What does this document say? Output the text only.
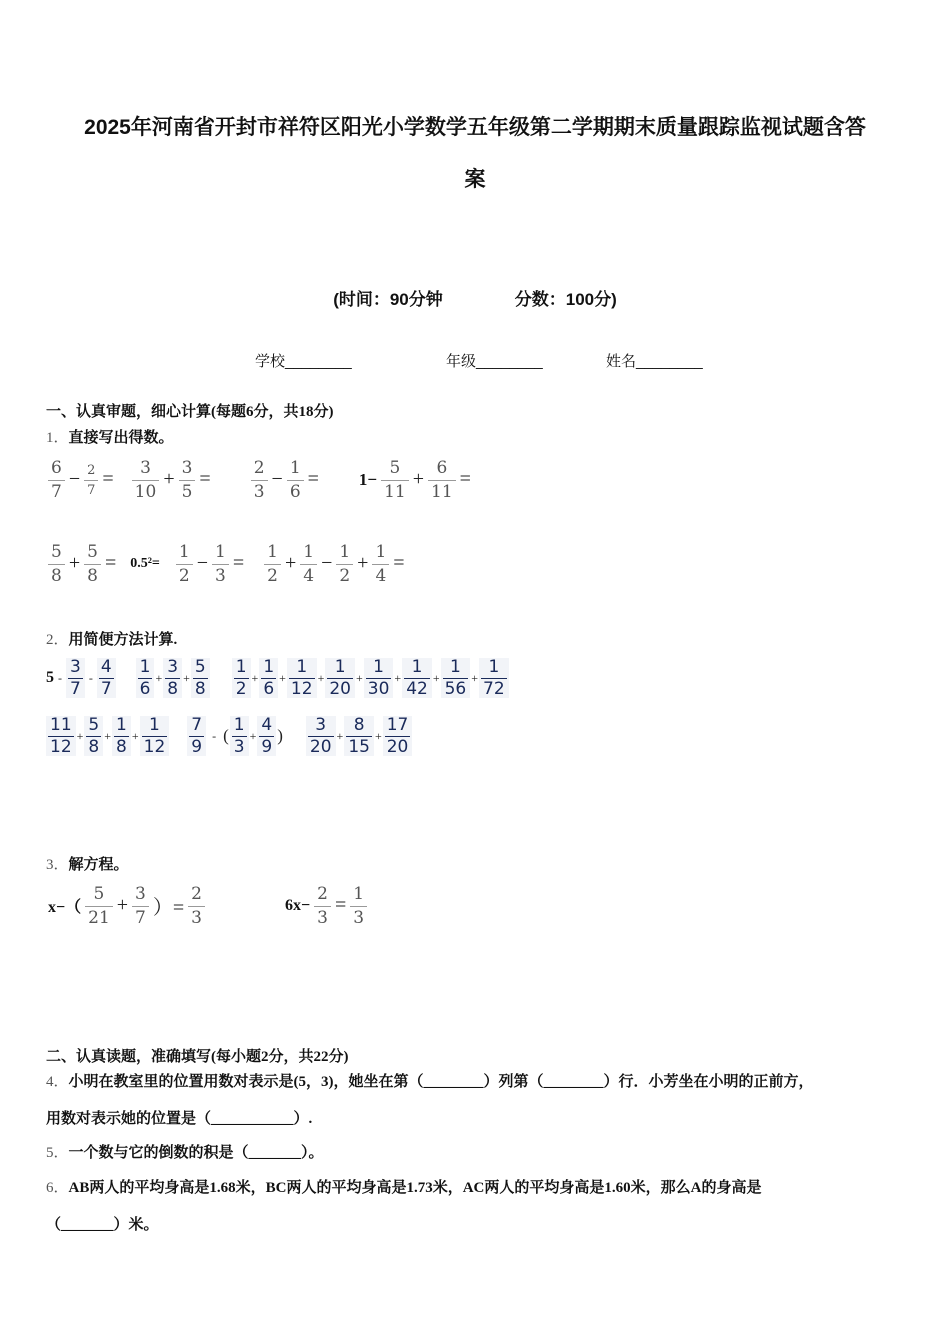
2025年河南省开封市祥符区阳光小学数学五年级第二学期期末质量跟踪监视试题含答
案
(时间：90分钟	分数：100分)
学校________	年级________	姓名________
一、认真审题，细心计算(每题6分，共18分)
1．直接写出得数。
$\frac{6}{7} - \frac{2}{7} = \frac{3}{10} + \frac{3}{5} = \frac{2}{3} - \frac{1}{6} = 1- \frac{5}{11} + \frac{6}{11}$ =
$\frac{5}{8} + \frac{5}{8} = 0.5^2= \frac{1}{2} - \frac{1}{3} = \frac{1}{2} + \frac{1}{4} - \frac{1}{2} + \frac{1}{4}$ =
2．用简便方法计算.
$5 - \frac{3}{7} - \frac{4}{7} \frac{1}{6} + \frac{3}{8} + \frac{5}{8} \frac{1}{2} + \frac{1}{6} + \frac{1}{12} + \frac{1}{20} + \frac{1}{30} + \frac{1}{42} + \frac{1}{56} + \frac{1}{72}$
$\frac{11}{12} + \frac{5}{8} + \frac{1}{8} + \frac{1}{12} \frac{7}{9}$ - ( $\frac{1}{3} + \frac{4}{9}$ ) $\frac{3}{20} + \frac{8}{15} + \frac{17}{20}$
3．解方程。
$x-( \frac{5}{21} + \frac{3}{7}$ ）= $\frac{2}{3}$	$6x- \frac{2}{3} = \frac{1}{3}$
二、认真读题，准确填写(每小题2分，共22分)
4．小明在教室里的位置用数对表示是(5，3)，她坐在第（________）列第（________）行．小芳坐在小明的正前方，
用数对表示她的位置是（___________）.
5．一个数与它的倒数的积是（_______）。
6．AB两人的平均身高是1.68米，BC两人的平均身高是1.73米，AC两人的平均身高是1.60米，那么A的身高是
（_______）米。
